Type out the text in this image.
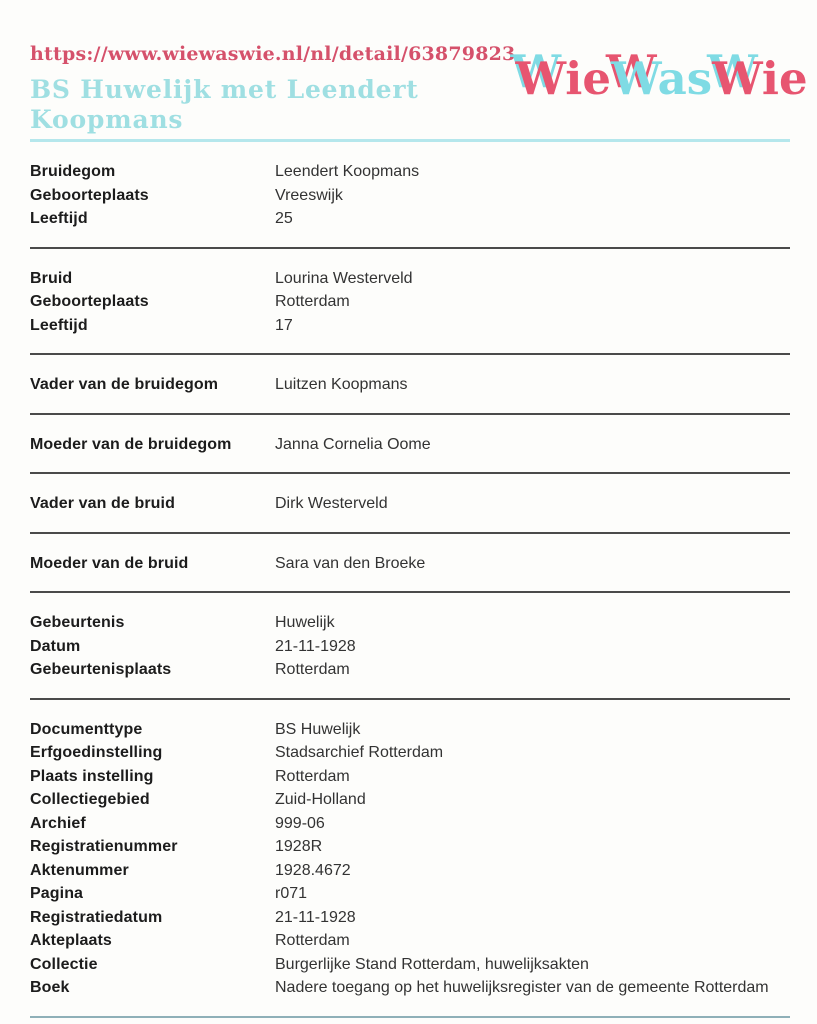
https://www.wiewaswie.nl/nl/detail/63879823
BS Huwelijk met Leendert Koopmans
WieWasWie
Bruidegom	Leendert Koopmans
Geboorteplaats	Vreeswijk
Leeftijd	25
Bruid	Lourina Westerveld
Geboorteplaats	Rotterdam
Leeftijd	17
Vader van de bruidegom	Luitzen Koopmans
Moeder van de bruidegom	Janna Cornelia Oome
Vader van de bruid	Dirk Westerveld
Moeder van de bruid	Sara van den Broeke
Gebeurtenis	Huwelijk
Datum	21-11-1928
Gebeurtenisplaats	Rotterdam
Documenttype	BS Huwelijk
Erfgoedinstelling	Stadsarchief Rotterdam
Plaats instelling	Rotterdam
Collectiegebied	Zuid-Holland
Archief	999-06
Registratienummer	1928R
Aktenummer	1928.4672
Pagina	r071
Registratiedatum	21-11-1928
Akteplaats	Rotterdam
Collectie	Burgerlijke Stand Rotterdam, huwelijksakten
Boek	Nadere toegang op het huwelijksregister van de gemeente Rotterdam
